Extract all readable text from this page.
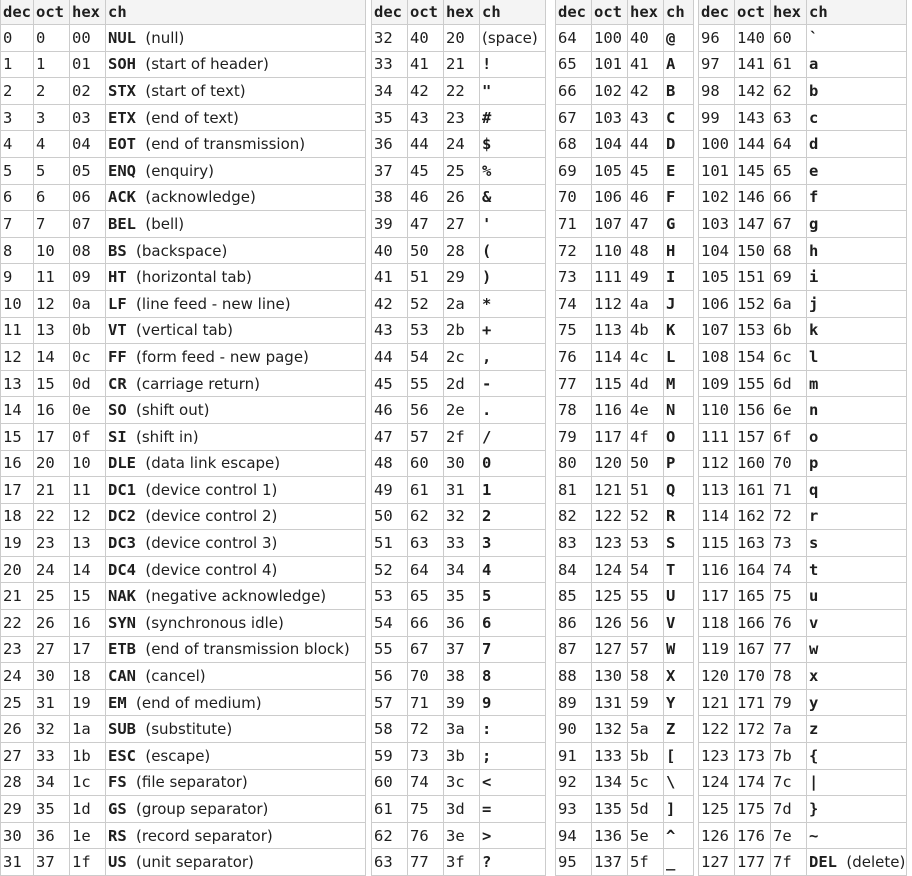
dec	oct	hex	ch
0	0	00	NUL (null)
1	1	01	SOH (start of header)
2	2	02	STX (start of text)
3	3	03	ETX (end of text)
4	4	04	EOT (end of transmission)
5	5	05	ENQ (enquiry)
6	6	06	ACK (acknowledge)
7	7	07	BEL (bell)
8	10	08	BS (backspace)
9	11	09	HT (horizontal tab)
10	12	0a	LF (line feed - new line)
11	13	0b	VT (vertical tab)
12	14	0c	FF (form feed - new page)
13	15	0d	CR (carriage return)
14	16	0e	SO (shift out)
15	17	0f	SI (shift in)
16	20	10	DLE (data link escape)
17	21	11	DC1 (device control 1)
18	22	12	DC2 (device control 2)
19	23	13	DC3 (device control 3)
20	24	14	DC4 (device control 4)
21	25	15	NAK (negative acknowledge)
22	26	16	SYN (synchronous idle)
23	27	17	ETB (end of transmission block)
24	30	18	CAN (cancel)
25	31	19	EM (end of medium)
26	32	1a	SUB (substitute)
27	33	1b	ESC (escape)
28	34	1c	FS (file separator)
29	35	1d	GS (group separator)
30	36	1e	RS (record separator)
31	37	1f	US (unit separator)
dec	oct	hex	ch
32	40	20	(space)
33	41	21	!
34	42	22	"
35	43	23	#
36	44	24	$
37	45	25	%
38	46	26	&
39	47	27	'
40	50	28	(
41	51	29	)
42	52	2a	*
43	53	2b	+
44	54	2c	,
45	55	2d	-
46	56	2e	.
47	57	2f	/
48	60	30	0
49	61	31	1
50	62	32	2
51	63	33	3
52	64	34	4
53	65	35	5
54	66	36	6
55	67	37	7
56	70	38	8
57	71	39	9
58	72	3a	:
59	73	3b	;
60	74	3c	<
61	75	3d	=
62	76	3e	>
63	77	3f	?
dec	oct	hex	ch
64	100	40	@
65	101	41	A
66	102	42	B
67	103	43	C
68	104	44	D
69	105	45	E
70	106	46	F
71	107	47	G
72	110	48	H
73	111	49	I
74	112	4a	J
75	113	4b	K
76	114	4c	L
77	115	4d	M
78	116	4e	N
79	117	4f	O
80	120	50	P
81	121	51	Q
82	122	52	R
83	123	53	S
84	124	54	T
85	125	55	U
86	126	56	V
87	127	57	W
88	130	58	X
89	131	59	Y
90	132	5a	Z
91	133	5b	[
92	134	5c	\
93	135	5d	]
94	136	5e	^
95	137	5f	_
dec	oct	hex	ch
96	140	60	`
97	141	61	a
98	142	62	b
99	143	63	c
100	144	64	d
101	145	65	e
102	146	66	f
103	147	67	g
104	150	68	h
105	151	69	i
106	152	6a	j
107	153	6b	k
108	154	6c	l
109	155	6d	m
110	156	6e	n
111	157	6f	o
112	160	70	p
113	161	71	q
114	162	72	r
115	163	73	s
116	164	74	t
117	165	75	u
118	166	76	v
119	167	77	w
120	170	78	x
121	171	79	y
122	172	7a	z
123	173	7b	{
124	174	7c	|
125	175	7d	}
126	176	7e	~
127	177	7f	DEL (delete)
